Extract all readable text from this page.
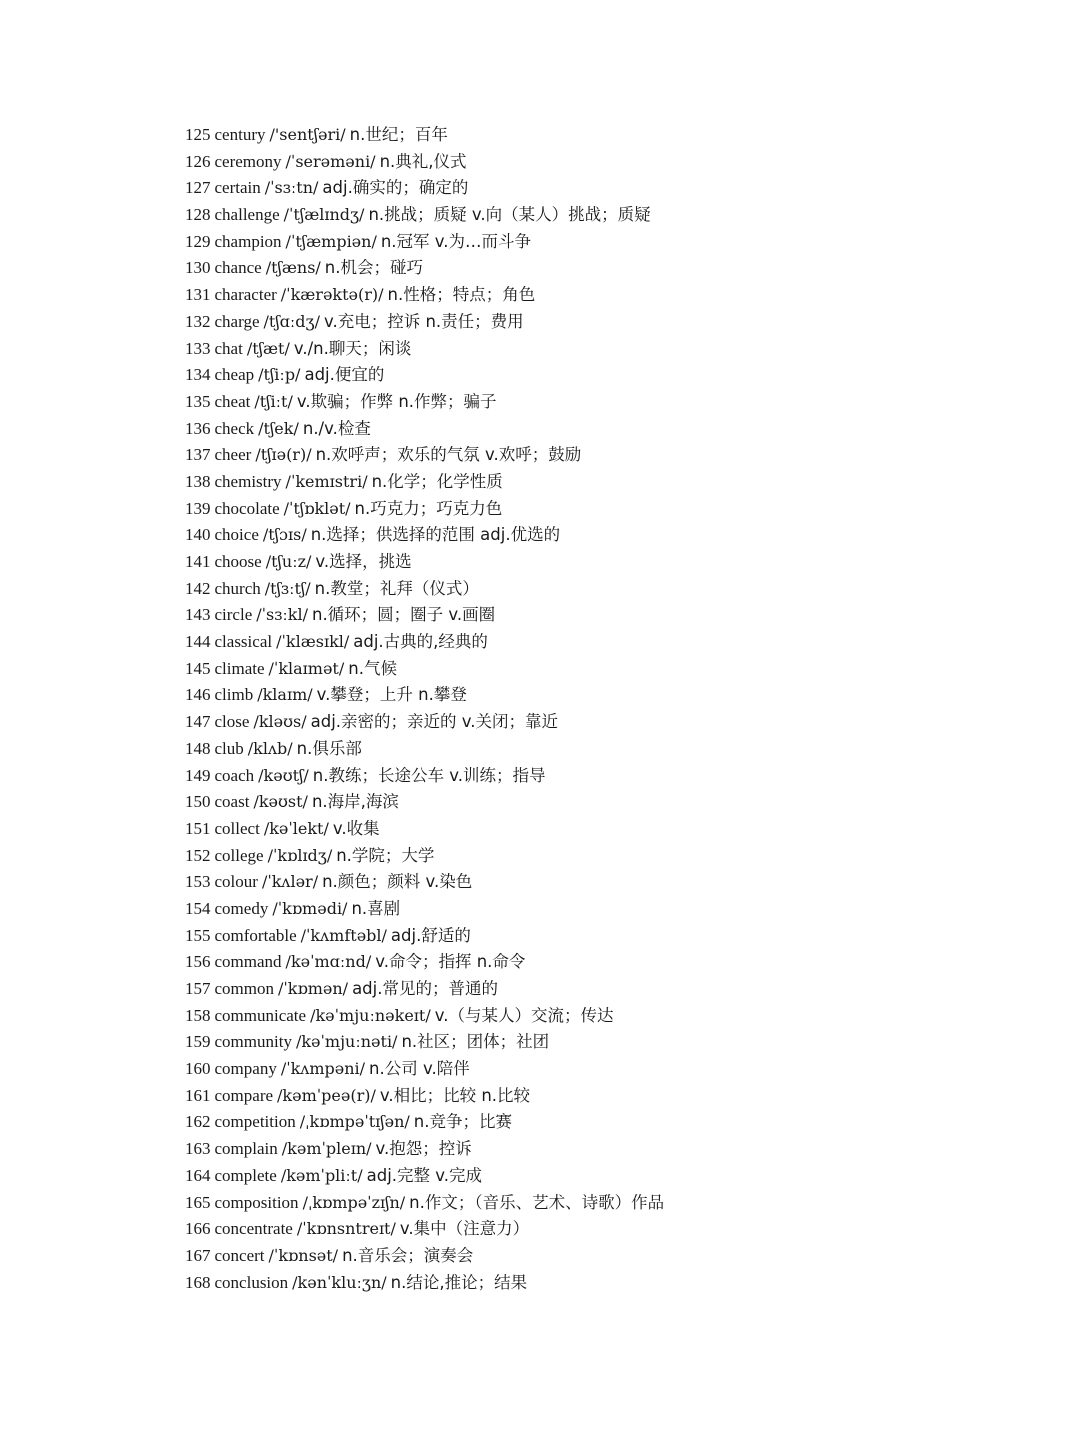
125 century /'sentʃəri/ n.世纪；百年
126 ceremony /ˈserəməni/ n.典礼,仪式
127 certain /ˈsɜːtn/ adj.确实的；确定的
128 challenge /ˈtʃælɪndʒ/ n.挑战；质疑 v.向（某人）挑战；质疑
129 champion /ˈtʃæmpiən/ n.冠军 v.为…而斗争
130 chance /tʃæns/ n.机会；碰巧
131 character /ˈkærəktə(r)/ n.性格；特点；角色
132 charge /tʃɑːdʒ/ v.充电；控诉 n.责任；费用
133 chat /tʃæt/ v./n.聊天；闲谈
134 cheap /tʃiːp/ adj.便宜的
135 cheat /tʃiːt/ v.欺骗；作弊 n.作弊；骗子
136 check /tʃek/ n./v.检查
137 cheer /tʃɪə(r)/ n.欢呼声；欢乐的气氛 v.欢呼；鼓励
138 chemistry /ˈkemɪstri/ n.化学；化学性质
139 chocolate /ˈtʃɒklət/ n.巧克力；巧克力色
140 choice /tʃɔɪs/ n.选择；供选择的范围 adj.优选的
141 choose /tʃuːz/ v.选择，挑选
142 church /tʃɜːtʃ/ n.教堂；礼拜（仪式）
143 circle /ˈsɜːkl/ n.循环；圆；圈子 v.画圈
144 classical /ˈklæsɪkl/ adj.古典的,经典的
145 climate /ˈklaɪmət/ n.气候
146 climb /klaɪm/ v.攀登；上升 n.攀登
147 close /kləʊs/ adj.亲密的；亲近的 v.关闭；靠近
148 club /klʌb/ n.俱乐部
149 coach /kəʊtʃ/ n.教练；长途公车 v.训练；指导
150 coast /kəʊst/ n.海岸,海滨
151 collect /kəˈlekt/ v.收集
152 college /ˈkɒlɪdʒ/ n.学院；大学
153 colour /ˈkʌlər/ n.颜色；颜料 v.染色
154 comedy /ˈkɒmədi/ n.喜剧
155 comfortable /ˈkʌmftəbl/ adj.舒适的
156 command /kəˈmɑːnd/ v.命令；指挥 n.命令
157 common /ˈkɒmən/ adj.常见的；普通的
158 communicate /kəˈmjuːnəkeɪt/ v.（与某人）交流；传达
159 community /kəˈmjuːnəti/ n.社区；团体；社团
160 company /ˈkʌmpəni/ n.公司 v.陪伴
161 compare /kəmˈpeə(r)/ v.相比；比较 n.比较
162 competition /ˌkɒmpəˈtɪʃən/ n.竞争；比赛
163 complain /kəmˈpleɪn/ v.抱怨；控诉
164 complete /kəmˈpliːt/ adj.完整 v.完成
165 composition /ˌkɒmpəˈzɪʃn/ n.作文；（音乐、艺术、诗歌）作品
166 concentrate /ˈkɒnsntreɪt/ v.集中（注意力）
167 concert /ˈkɒnsət/ n.音乐会；演奏会
168 conclusion /kənˈkluːʒn/ n.结论,推论；结果
